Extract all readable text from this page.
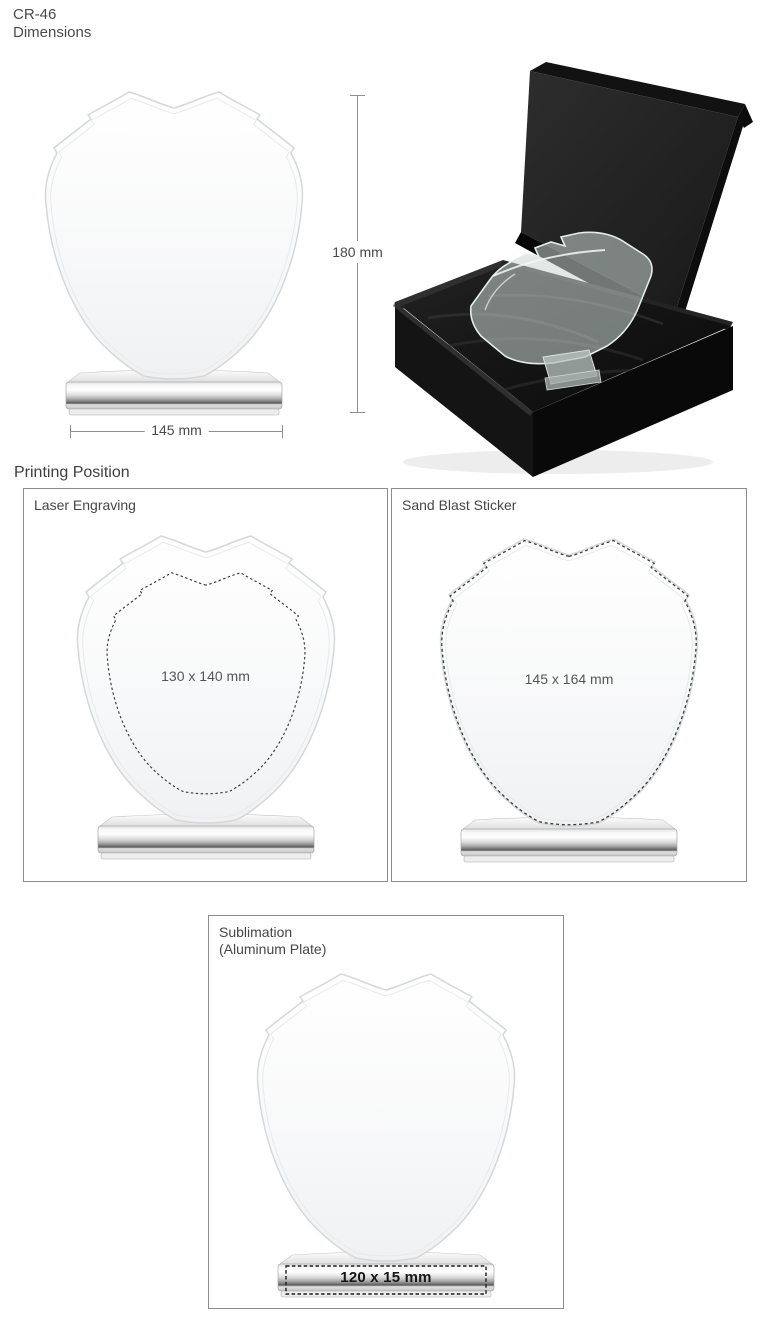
CR-46
Dimensions
180 mm
145 mm
Printing Position
Laser Engraving
130 x 140 mm
Sand Blast Sticker
145 x 164 mm
Sublimation
(Aluminum Plate)
120 x 15 mm
